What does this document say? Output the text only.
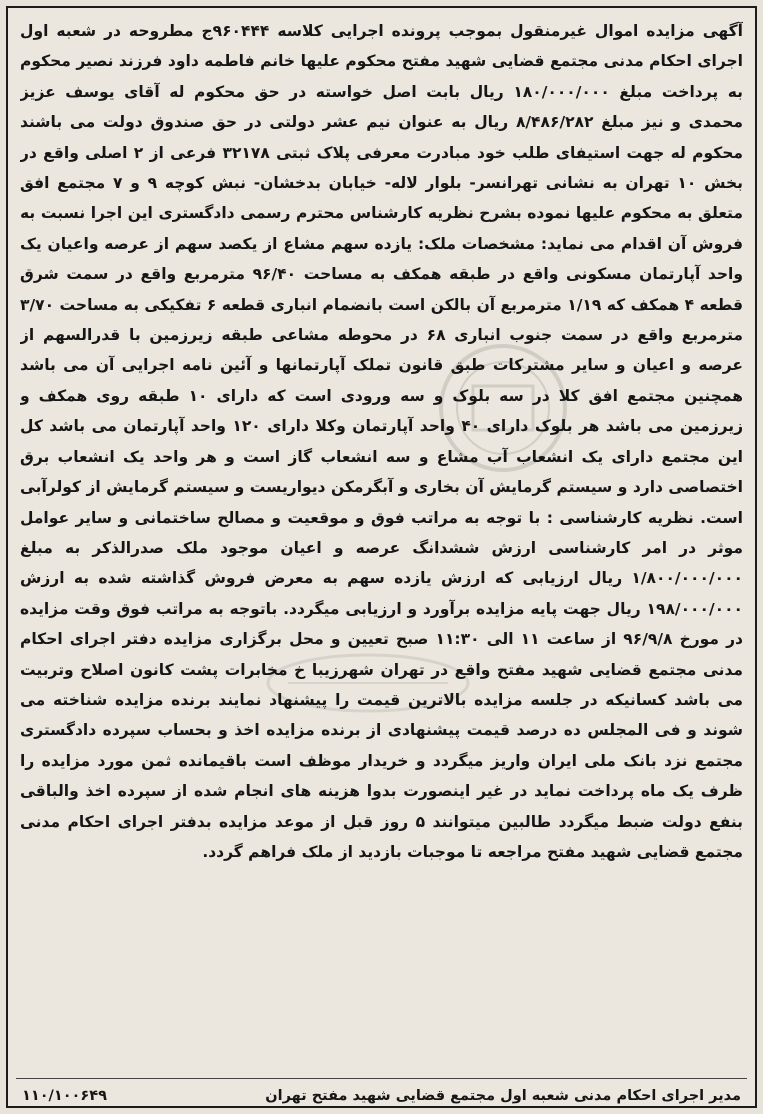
آگهی مزایده اموال غیرمنقول بموجب پرونده اجرایی کلاسه ۹۶۰۴۴۴ج مطروحه در شعبه اول اجرای احکام مدنی مجتمع قضایی شهید مفتح محکوم علیها خانم فاطمه داود فرزند نصیر محکوم به پرداخت مبلغ ۱۸۰/۰۰۰/۰۰۰ ریال بابت اصل خواسته در حق محکوم له آقای یوسف عزیز محمدی و نیز مبلغ ۸/۴۸۶/۲۸۲ ریال به عنوان نیم عشر دولتی در حق صندوق دولت می باشند محکوم له جهت استیفای طلب خود مبادرت معرفی پلاک ثبتی ۳۲۱۷۸ فرعی از ۲ اصلی واقع در بخش ۱۰ تهران به نشانی تهرانسر- بلوار لاله- خیابان بدخشان- نبش کوچه ۹ و ۷ مجتمع افق متعلق به محکوم علیها نموده بشرح نظریه کارشناس محترم رسمی دادگستری این اجرا نسبت به فروش آن اقدام می نماید: مشخصات ملک: یازده سهم مشاع از یکصد سهم از عرصه واعیان یک واحد آپارتمان مسکونی واقع در طبقه همکف به مساحت ۹۶/۴۰ مترمربع واقع در سمت شرق قطعه ۴ همکف که ۱/۱۹ مترمربع آن بالکن است بانضمام انباری قطعه ۶ تفکیکی به مساحت ۳/۷۰ مترمربع واقع در سمت جنوب انباری ۶۸ در محوطه مشاعی طبقه زیرزمین با قدرالسهم از عرصه و اعیان و سایر مشترکات طبق قانون تملک آپارتمانها و آئین نامه اجرایی آن می باشد همچنین مجتمع افق کلا در سه بلوک و سه ورودی است که دارای ۱۰ طبقه روی همکف و زیرزمین می باشد هر بلوک دارای ۴۰ واحد آپارتمان وکلا دارای ۱۲۰ واحد آپارتمان می باشد کل این مجتمع دارای یک انشعاب آب مشاع و سه انشعاب گاز است و هر واحد یک انشعاب برق اختصاصی دارد و سیستم گرمایش آن بخاری و آبگرمکن دیواریست و سیستم گرمایش از کولرآبی است. نظریه کارشناسی : با توجه به مراتب فوق و موقعیت و مصالح ساختمانی و سایر عوامل موثر در امر کارشناسی ارزش ششدانگ عرصه و اعیان موجود ملک صدرالذکر به مبلغ ۱/۸۰۰/۰۰۰/۰۰۰ ریال ارزیابی که ارزش یازده سهم به معرض فروش گذاشته شده به ارزش ۱۹۸/۰۰۰/۰۰۰ ریال جهت پایه مزایده برآورد و ارزیابی میگردد. باتوجه به مراتب فوق وقت مزایده در مورخ ۹۶/۹/۸ از ساعت ۱۱ الی ۱۱:۳۰ صبح تعیین و محل برگزاری مزایده دفتر اجرای احکام مدنی مجتمع قضایی شهید مفتح واقع در تهران شهرزیبا خ مخابرات پشت کانون اصلاح وتربیت می باشد کسانیکه در جلسه مزایده بالاترین قیمت را پیشنهاد نمایند برنده مزایده شناخته می شوند و فی المجلس ده درصد قیمت پیشنهادی از برنده مزایده اخذ و بحساب سپرده دادگستری مجتمع نزد بانک ملی ایران واریز میگردد و خریدار موظف است باقیمانده ثمن مورد مزایده را ظرف یک ماه پرداخت نماید در غیر اینصورت بدوا هزینه های انجام شده از سپرده اخذ والباقی بنفع دولت ضبط میگردد طالبین میتوانند ۵ روز قبل از موعد مزایده بدفتر اجرای احکام مدنی مجتمع قضایی شهید مفتح مراجعه تا موجبات بازدید از ملک فراهم گردد.

مدیر اجرای احکام مدنی شعبه اول مجتمع قضایی شهید مفتح تهران
۱۱۰/۱۰۰۶۴۹
